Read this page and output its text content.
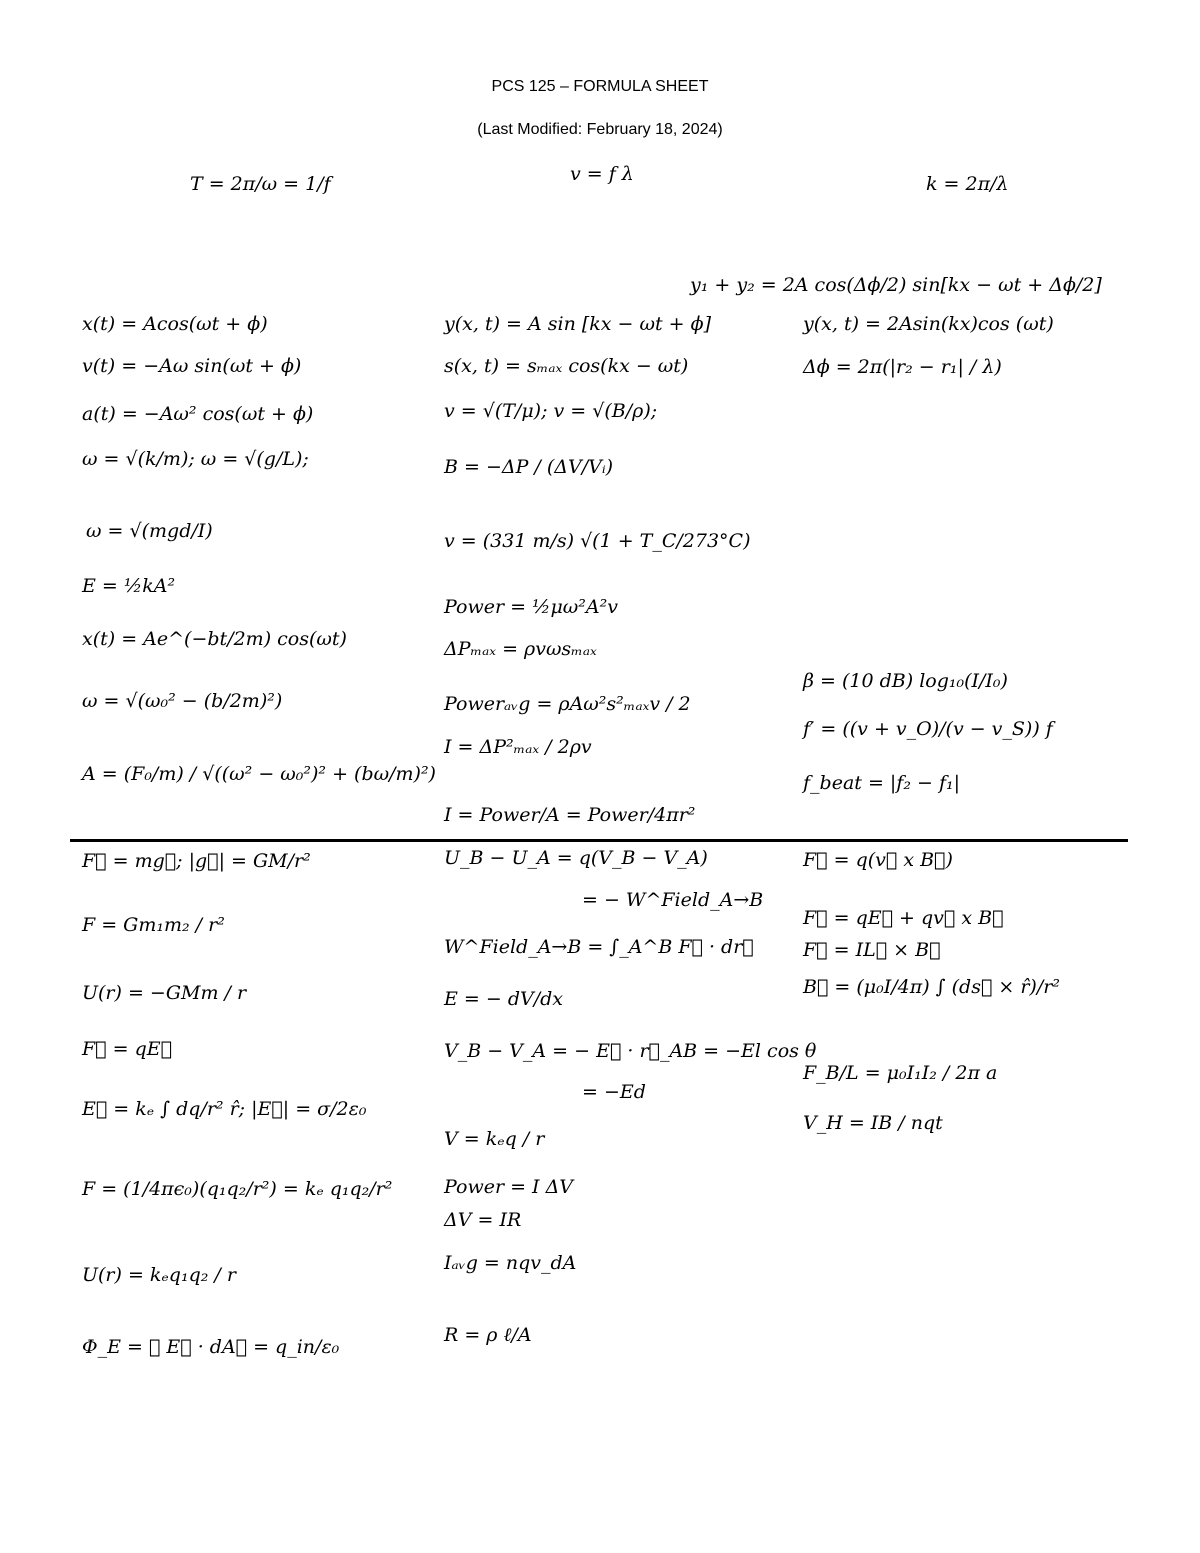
PCS 125 – FORMULA SHEET
(Last Modified: February 18, 2024)
T = 2π/ω = 1/f	v = f λ	k = 2π/λ
y₁ + y₂ = 2A cos(Δϕ/2) sin[kx − ωt + Δϕ/2]
x(t) = Acos(ωt + ϕ)
v(t) = −Aω sin(ωt + ϕ)
a(t) = −Aω² cos(ωt + ϕ)
ω = √(k/m); ω = √(g/L);
ω = √(mgd/I)
E = ½kA²
x(t) = Ae^(−bt/2m) cos(ωt)
ω = √(ω₀² − (b/2m)²)
A = (F₀/m) / √((ω² − ω₀²)² + (bω/m)²)
y(x, t) = A sin [kx − ωt + ϕ]
s(x, t) = sₘₐₓ cos(kx − ωt)
v = √(T/μ); v = √(B/ρ);
B = −ΔP / (ΔV/Vᵢ)
v = (331 m/s) √(1 + T_C/273°C)
Power = ½μω²A²v
ΔPₘₐₓ = ρvωsₘₐₓ
Powerₐᵥg = ρAω²s²ₘₐₓv / 2
I = ΔP²ₘₐₓ / 2ρv
I = Power/A = Power/4πr²
y(x, t) = 2Asin(kx)cos (ωt)
Δϕ = 2π(|r₂ − r₁| / λ)
β = (10 dB) log₁₀(I/I₀)
f′ = ((v + v_O)/(v − v_S)) f
f_beat = |f₂ − f₁|
F⃗ = mg⃗; |g⃗| = GM/r²
F = Gm₁m₂ / r²
U(r) = −GMm / r
F⃗ = qE⃗
E⃗ = kₑ ∫ dq/r² r̂; |E⃗| = σ/2ε₀
F = (1/4πϵ₀)(q₁q₂/r²) = kₑ q₁q₂/r²
U(r) = kₑq₁q₂ / r
Φ_E = ∮ E⃗ · dA⃗ = q_in/ε₀
U_B − U_A = q(V_B − V_A)
= − W^Field_A→B
W^Field_A→B = ∫_A^B F⃗ · dr⃗
E = − dV/dx
V_B − V_A = − E⃗ · r⃗_AB = −El cos θ
= −Ed
V = kₑq / r
Power = I ΔV
ΔV = IR
Iₐᵥg = nqv_dA
R = ρ ℓ/A
F⃗ = q(v⃗ x B⃗)
F⃗ = qE⃗ + qv⃗ x B⃗
F⃗ = IL⃗ × B⃗
B⃗ = (μ₀I/4π) ∫ (ds⃗ × r̂)/r²
F_B/L = μ₀I₁I₂ / 2π a
V_H = IB / nqt
